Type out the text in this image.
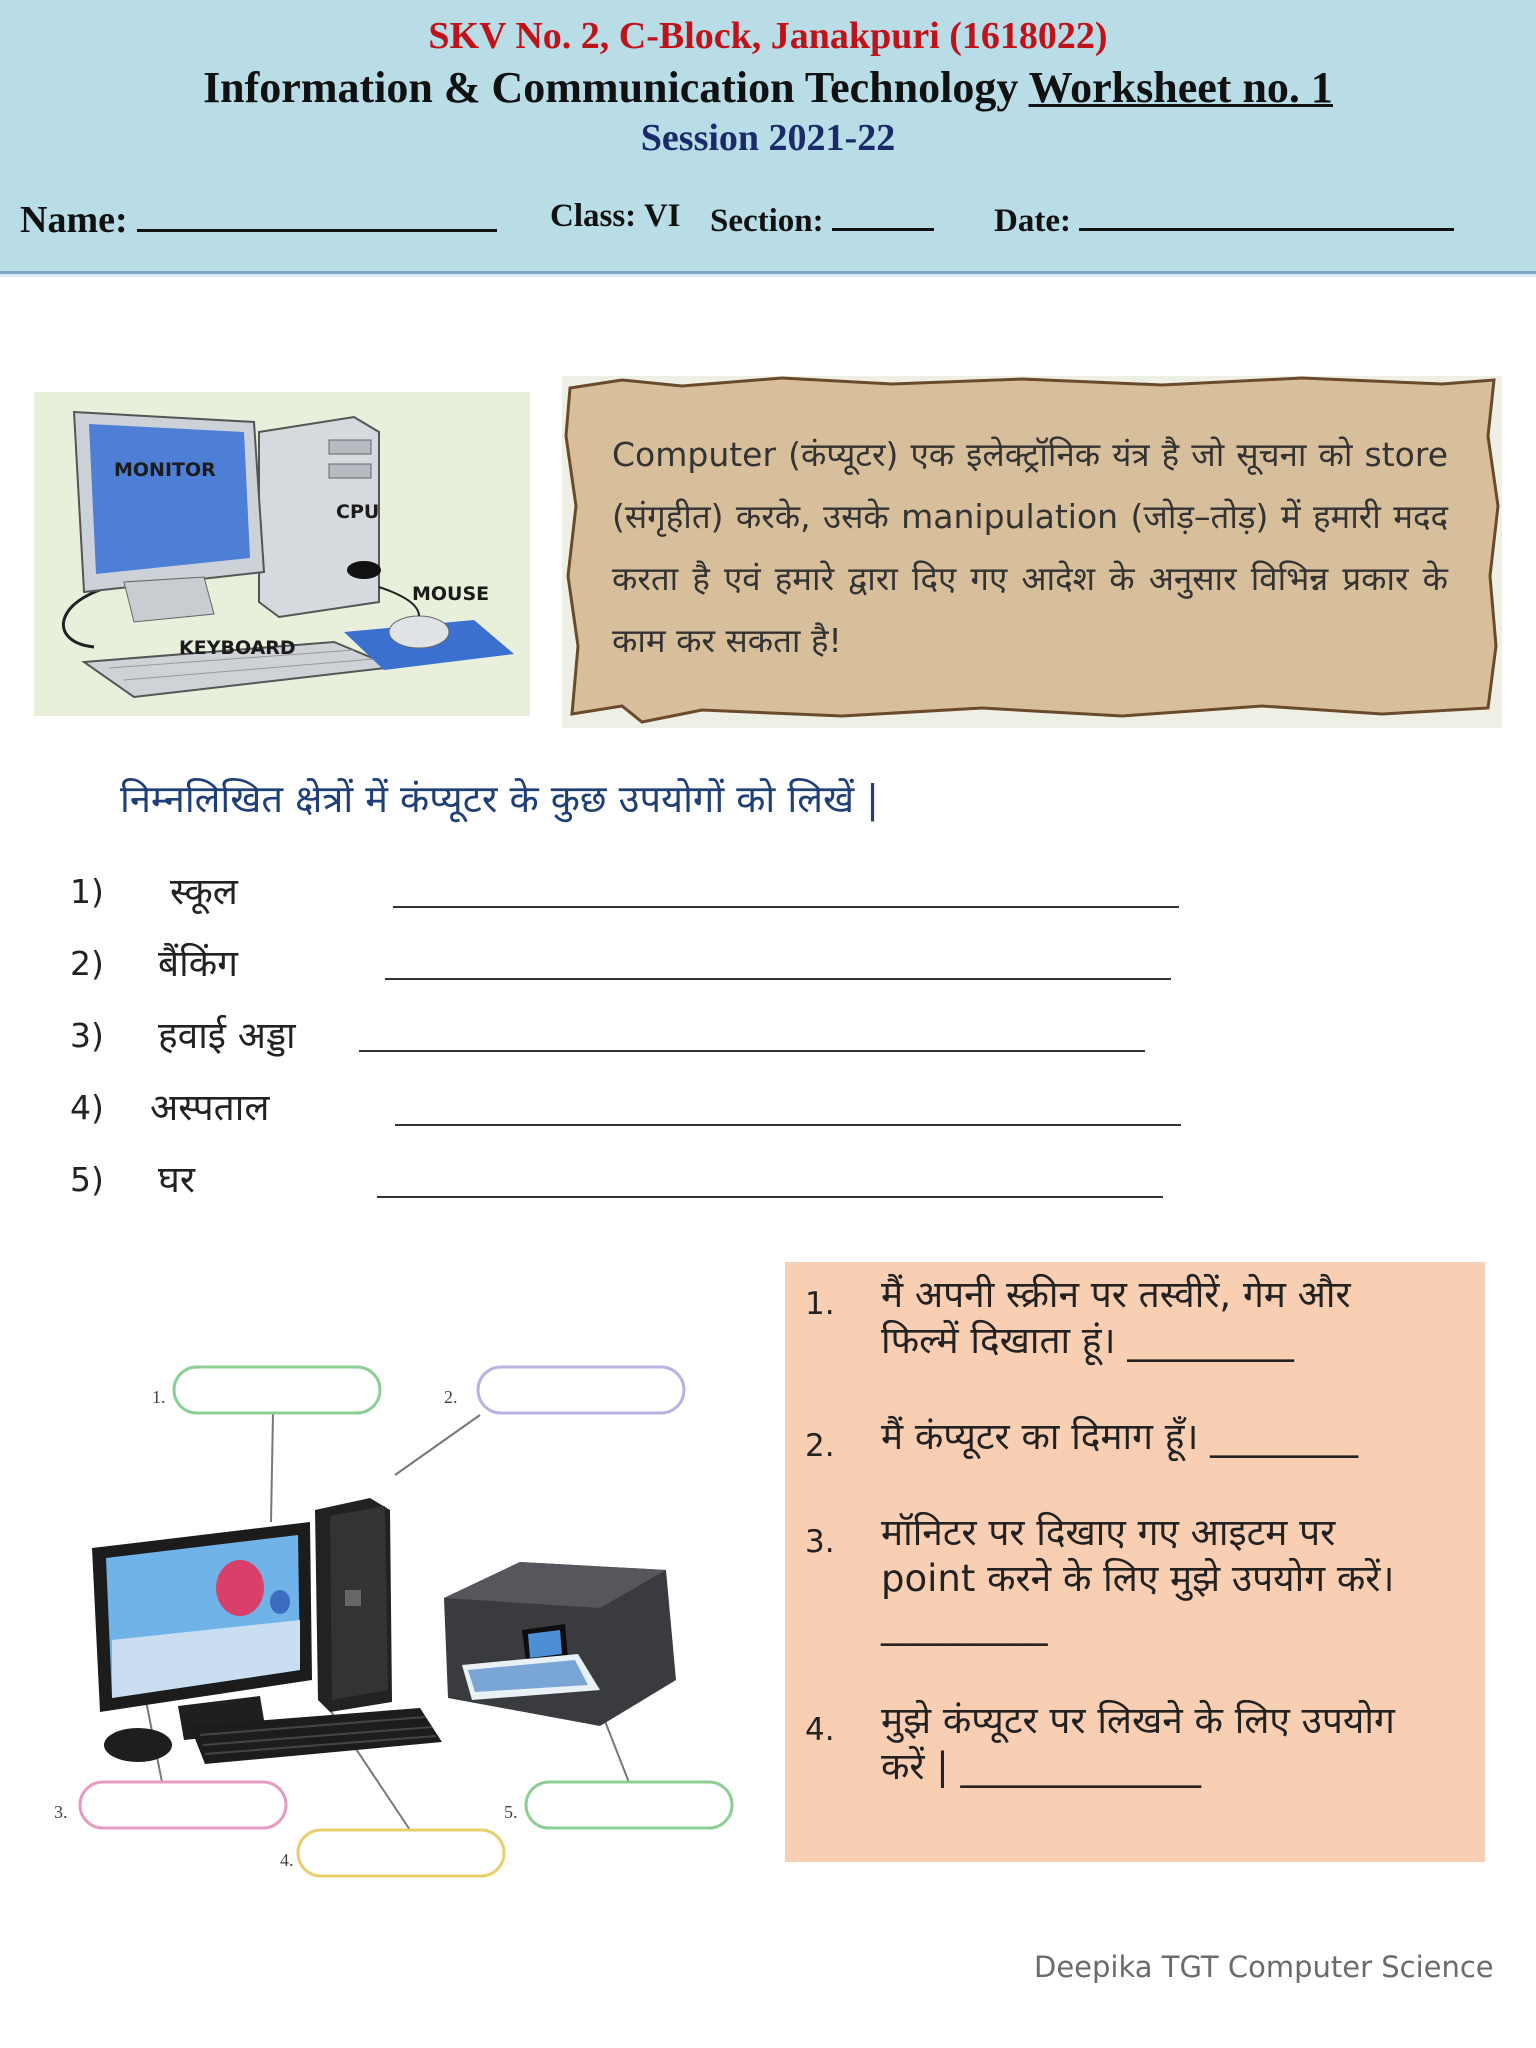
SKV No. 2, C-Block, Janakpuri (1618022)
Information & Communication Technology Worksheet no. 1
Session 2021-22
Name:	Class: VI Section:	Date:
MONITOR
CPU
MOUSE
KEYBOARD
Computer (कंप्यूटर) एक इलेक्ट्रॉनिक यंत्र है जो सूचना को store (संगृहीत) करके, उसके manipulation (जोड़–तोड़) में हमारी मदद करता है एवं हमारे द्वारा दिए गए आदेश के अनुसार विभिन्न प्रकार के काम कर सकता है!
निम्नलिखित क्षेत्रों में कंप्यूटर के कुछ उपयोगों को लिखें |
1) स्कूल
2) बैंकिंग
3) हवाई अड्डा
4) अस्पताल
5) घर
1.	2.
3.
4.
5.
1. मैं अपनी स्क्रीन पर तस्वीरें, गेम और
फिल्में दिखाता हूं। _________
2. मैं कंप्यूटर का दिमाग हूँ। ________
3. मॉनिटर पर दिखाए गए आइटम पर
point करने के लिए मुझे उपयोग करें।
_________
4. मुझे कंप्यूटर पर लिखने के लिए उपयोग
करें | _____________
Deepika TGT Computer Science
